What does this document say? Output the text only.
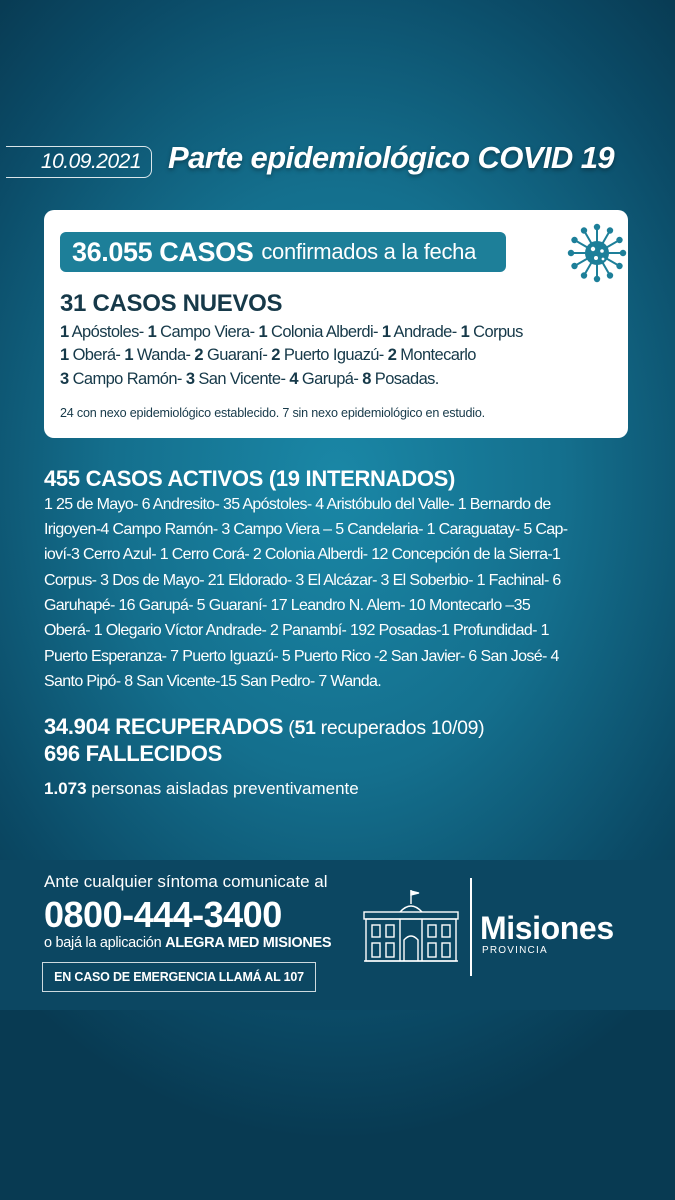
10.09.2021 Parte epidemiológico COVID 19
36.055 CASOS confirmados a la fecha
31 CASOS NUEVOS
1 Apóstoles- 1 Campo Viera- 1 Colonia Alberdi- 1 Andrade- 1 Corpus
1 Oberá- 1 Wanda- 2 Guaraní- 2 Puerto Iguazú- 2 Montecarlo
3 Campo Ramón- 3 San Vicente- 4 Garupá- 8 Posadas.
24 con nexo epidemiológico establecido. 7 sin nexo epidemiológico en estudio.
455 CASOS ACTIVOS (19 INTERNADOS)
1 25 de Mayo- 6 Andresito- 35 Apóstoles- 4 Aristóbulo del Valle- 1 Bernardo de
Irigoyen-4 Campo Ramón- 3 Campo Viera – 5 Candelaria- 1 Caraguatay- 5 Cap-
ioví-3 Cerro Azul- 1 Cerro Corá- 2 Colonia Alberdi- 12 Concepción de la Sierra-1
Corpus- 3 Dos de Mayo- 21 Eldorado- 3 El Alcázar- 3 El Soberbio- 1 Fachinal- 6
Garuhapé- 16 Garupá- 5 Guaraní- 17 Leandro N. Alem- 10 Montecarlo –35
Oberá- 1 Olegario Víctor Andrade- 2 Panambí- 192 Posadas-1 Profundidad- 1
Puerto Esperanza- 7 Puerto Iguazú- 5 Puerto Rico -2 San Javier- 6 San José- 4
Santo Pipó- 8 San Vicente-15 San Pedro- 7 Wanda.
34.904 RECUPERADOS (51 recuperados 10/09)
696 FALLECIDOS
1.073 personas aisladas preventivamente
Ante cualquier síntoma comunicate al
0800-444-3400
o bajá la aplicación ALEGRA MED MISIONES
EN CASO DE EMERGENCIA LLAMÁ AL 107
Misiones
PROVINCIA
